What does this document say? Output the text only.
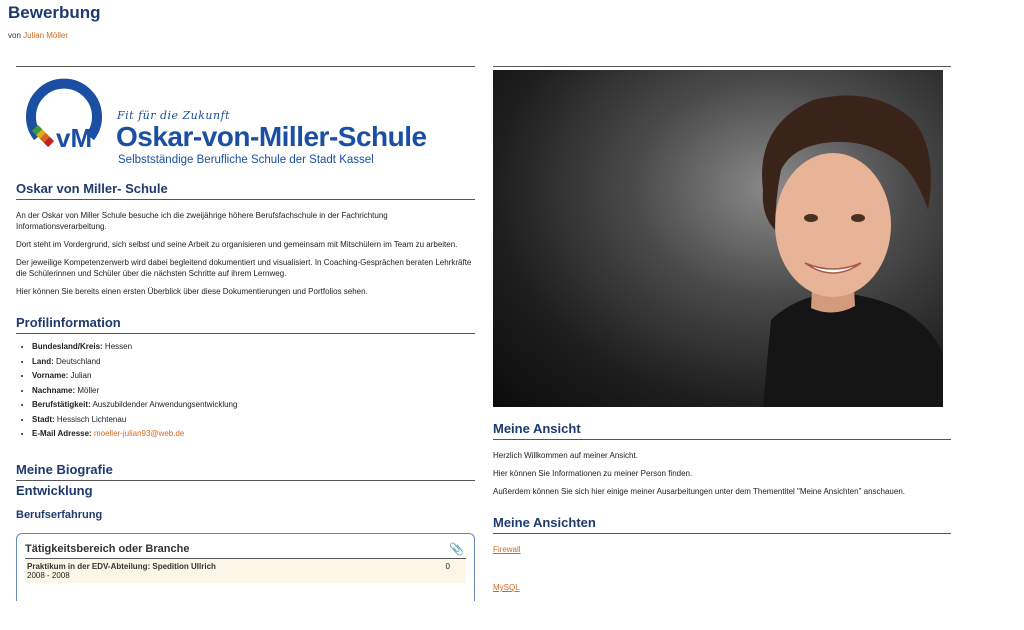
Bewerbung
von Julian Möller
Fit für die Zukunft
vM Oskar-von-Miller-Schule
Selbstständige Berufliche Schule der Stadt Kassel
Oskar von Miller- Schule

An der Oskar von Miller Schule besuche ich die zweijährige höhere Berufsfachschule in der Fachrichtung Informationsverarbeitung.

Dort steht im Vordergrund, sich selbst und seine Arbeit zu organisieren und gemeinsam mit Mitschülern im Team zu arbeiten.

Der jeweilige Kompetenzerwerb wird dabei begleitend dokumentiert und visualisiert. In Coaching-Gesprächen beraten Lehrkräfte die Schülerinnen und Schüler über die nächsten Schritte auf ihrem Lernweg.

Hier können Sie bereits einen ersten Überblick über diese Dokumentierungen und Portfolios sehen.

Profilinformation
• Bundesland/Kreis: Hessen
• Land: Deutschland
• Vorname: Julian
• Nachname: Möller
• Berufstätigkeit: Auszubildender Anwendungsentwicklung
• Stadt: Hessisch Lichtenau
• E-Mail Adresse: moeller-julian93@web.de
Meine Biografie
Entwicklung
Berufserfahrung
Tätigkeitsbereich oder Branche	📎
Praktikum in der EDV-Abteilung: Spedition Ullrich
2008 - 2008
0
Meine Ansicht

Herzlich Willkommen auf meiner Ansicht.

Hier können Sie Informationen zu meiner Person finden.

Außerdem können Sie sich hier einige meiner Ausarbeitungen unter dem Thementitel "Meine Ansichten" anschauen.

Meine Ansichten
Firewall
MySQL
